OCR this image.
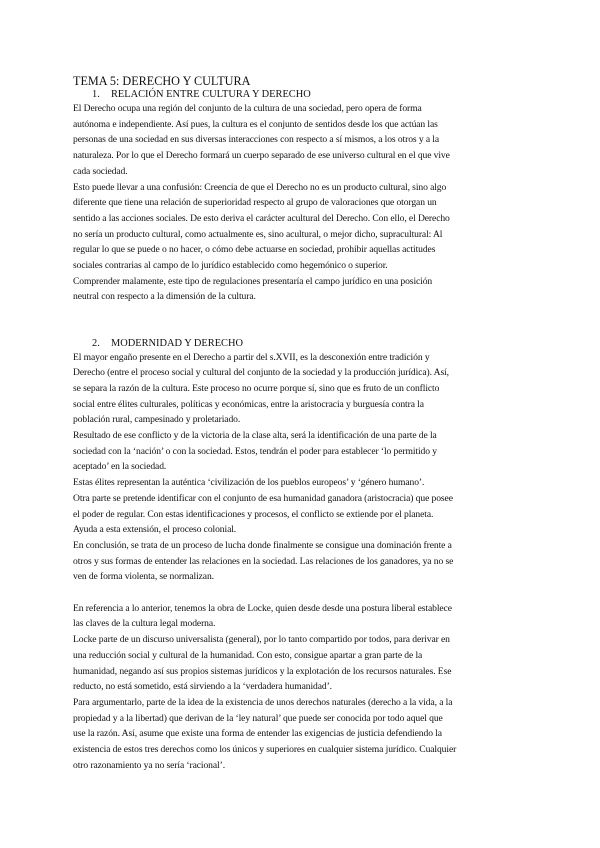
TEMA 5: DERECHO Y CULTURA
1. RELACIÓN ENTRE CULTURA Y DERECHO
El Derecho ocupa una región del conjunto de la cultura de una sociedad, pero opera de forma
autónoma e independiente. Así pues, la cultura es el conjunto de sentidos desde los que actúan las
personas de una sociedad en sus diversas interacciones con respecto a sí mismos, a los otros y a la
naturaleza. Por lo que el Derecho formará un cuerpo separado de ese universo cultural en el que vive
cada sociedad.
Esto puede llevar a una confusión: Creencia de que el Derecho no es un producto cultural, sino algo
diferente que tiene una relación de superioridad respecto al grupo de valoraciones que otorgan un
sentido a las acciones sociales. De esto deriva el carácter acultural del Derecho. Con ello, el Derecho
no sería un producto cultural, como actualmente es, sino acultural, o mejor dicho, supracultural: Al
regular lo que se puede o no hacer, o cómo debe actuarse en sociedad, prohibir aquellas actitudes
sociales contrarias al campo de lo jurídico establecido como hegemónico o superior.
Comprender malamente, este tipo de regulaciones presentaría el campo jurídico en una posición
neutral con respecto a la dimensión de la cultura.
2. MODERNIDAD Y DERECHO
El mayor engaño presente en el Derecho a partir del s.XVII, es la desconexión entre tradición y
Derecho (entre el proceso social y cultural del conjunto de la sociedad y la producción jurídica). Así,
se separa la razón de la cultura. Este proceso no ocurre porque sí, sino que es fruto de un conflicto
social entre élites culturales, políticas y económicas, entre la aristocracia y burguesía contra la
población rural, campesinado y proletariado.
Resultado de ese conflicto y de la victoria de la clase alta, será la identificación de una parte de la
sociedad con la ‘nación’ o con la sociedad. Estos, tendrán el poder para establecer ‘lo permitido y
aceptado’ en la sociedad.
Estas élites representan la auténtica ‘civilización de los pueblos europeos’ y ‘género humano’.
Otra parte se pretende identificar con el conjunto de esa humanidad ganadora (aristocracia) que posee
el poder de regular. Con estas identificaciones y procesos, el conflicto se extiende por el planeta.
Ayuda a esta extensión, el proceso colonial.
En conclusión, se trata de un proceso de lucha donde finalmente se consigue una dominación frente a
otros y sus formas de entender las relaciones en la sociedad. Las relaciones de los ganadores, ya no se
ven de forma violenta, se normalizan.
En referencia a lo anterior, tenemos la obra de Locke, quien desde desde una postura liberal establece
las claves de la cultura legal moderna.
Locke parte de un discurso universalista (general), por lo tanto compartido por todos, para derivar en
una reducción social y cultural de la humanidad. Con esto, consigue apartar a gran parte de la
humanidad, negando así sus propios sistemas jurídicos y la explotación de los recursos naturales. Ese
reducto, no está sometido, está sirviendo a la ‘verdadera humanidad’.
Para argumentarlo, parte de la idea de la existencia de unos derechos naturales (derecho a la vida, a la
propiedad y a la libertad) que derivan de la ‘ley natural’ que puede ser conocida por todo aquel que
use la razón. Así, asume que existe una forma de entender las exigencias de justicia defendiendo la
existencia de estos tres derechos como los únicos y superiores en cualquier sistema jurídico. Cualquier
otro razonamiento ya no sería ‘racional’.
